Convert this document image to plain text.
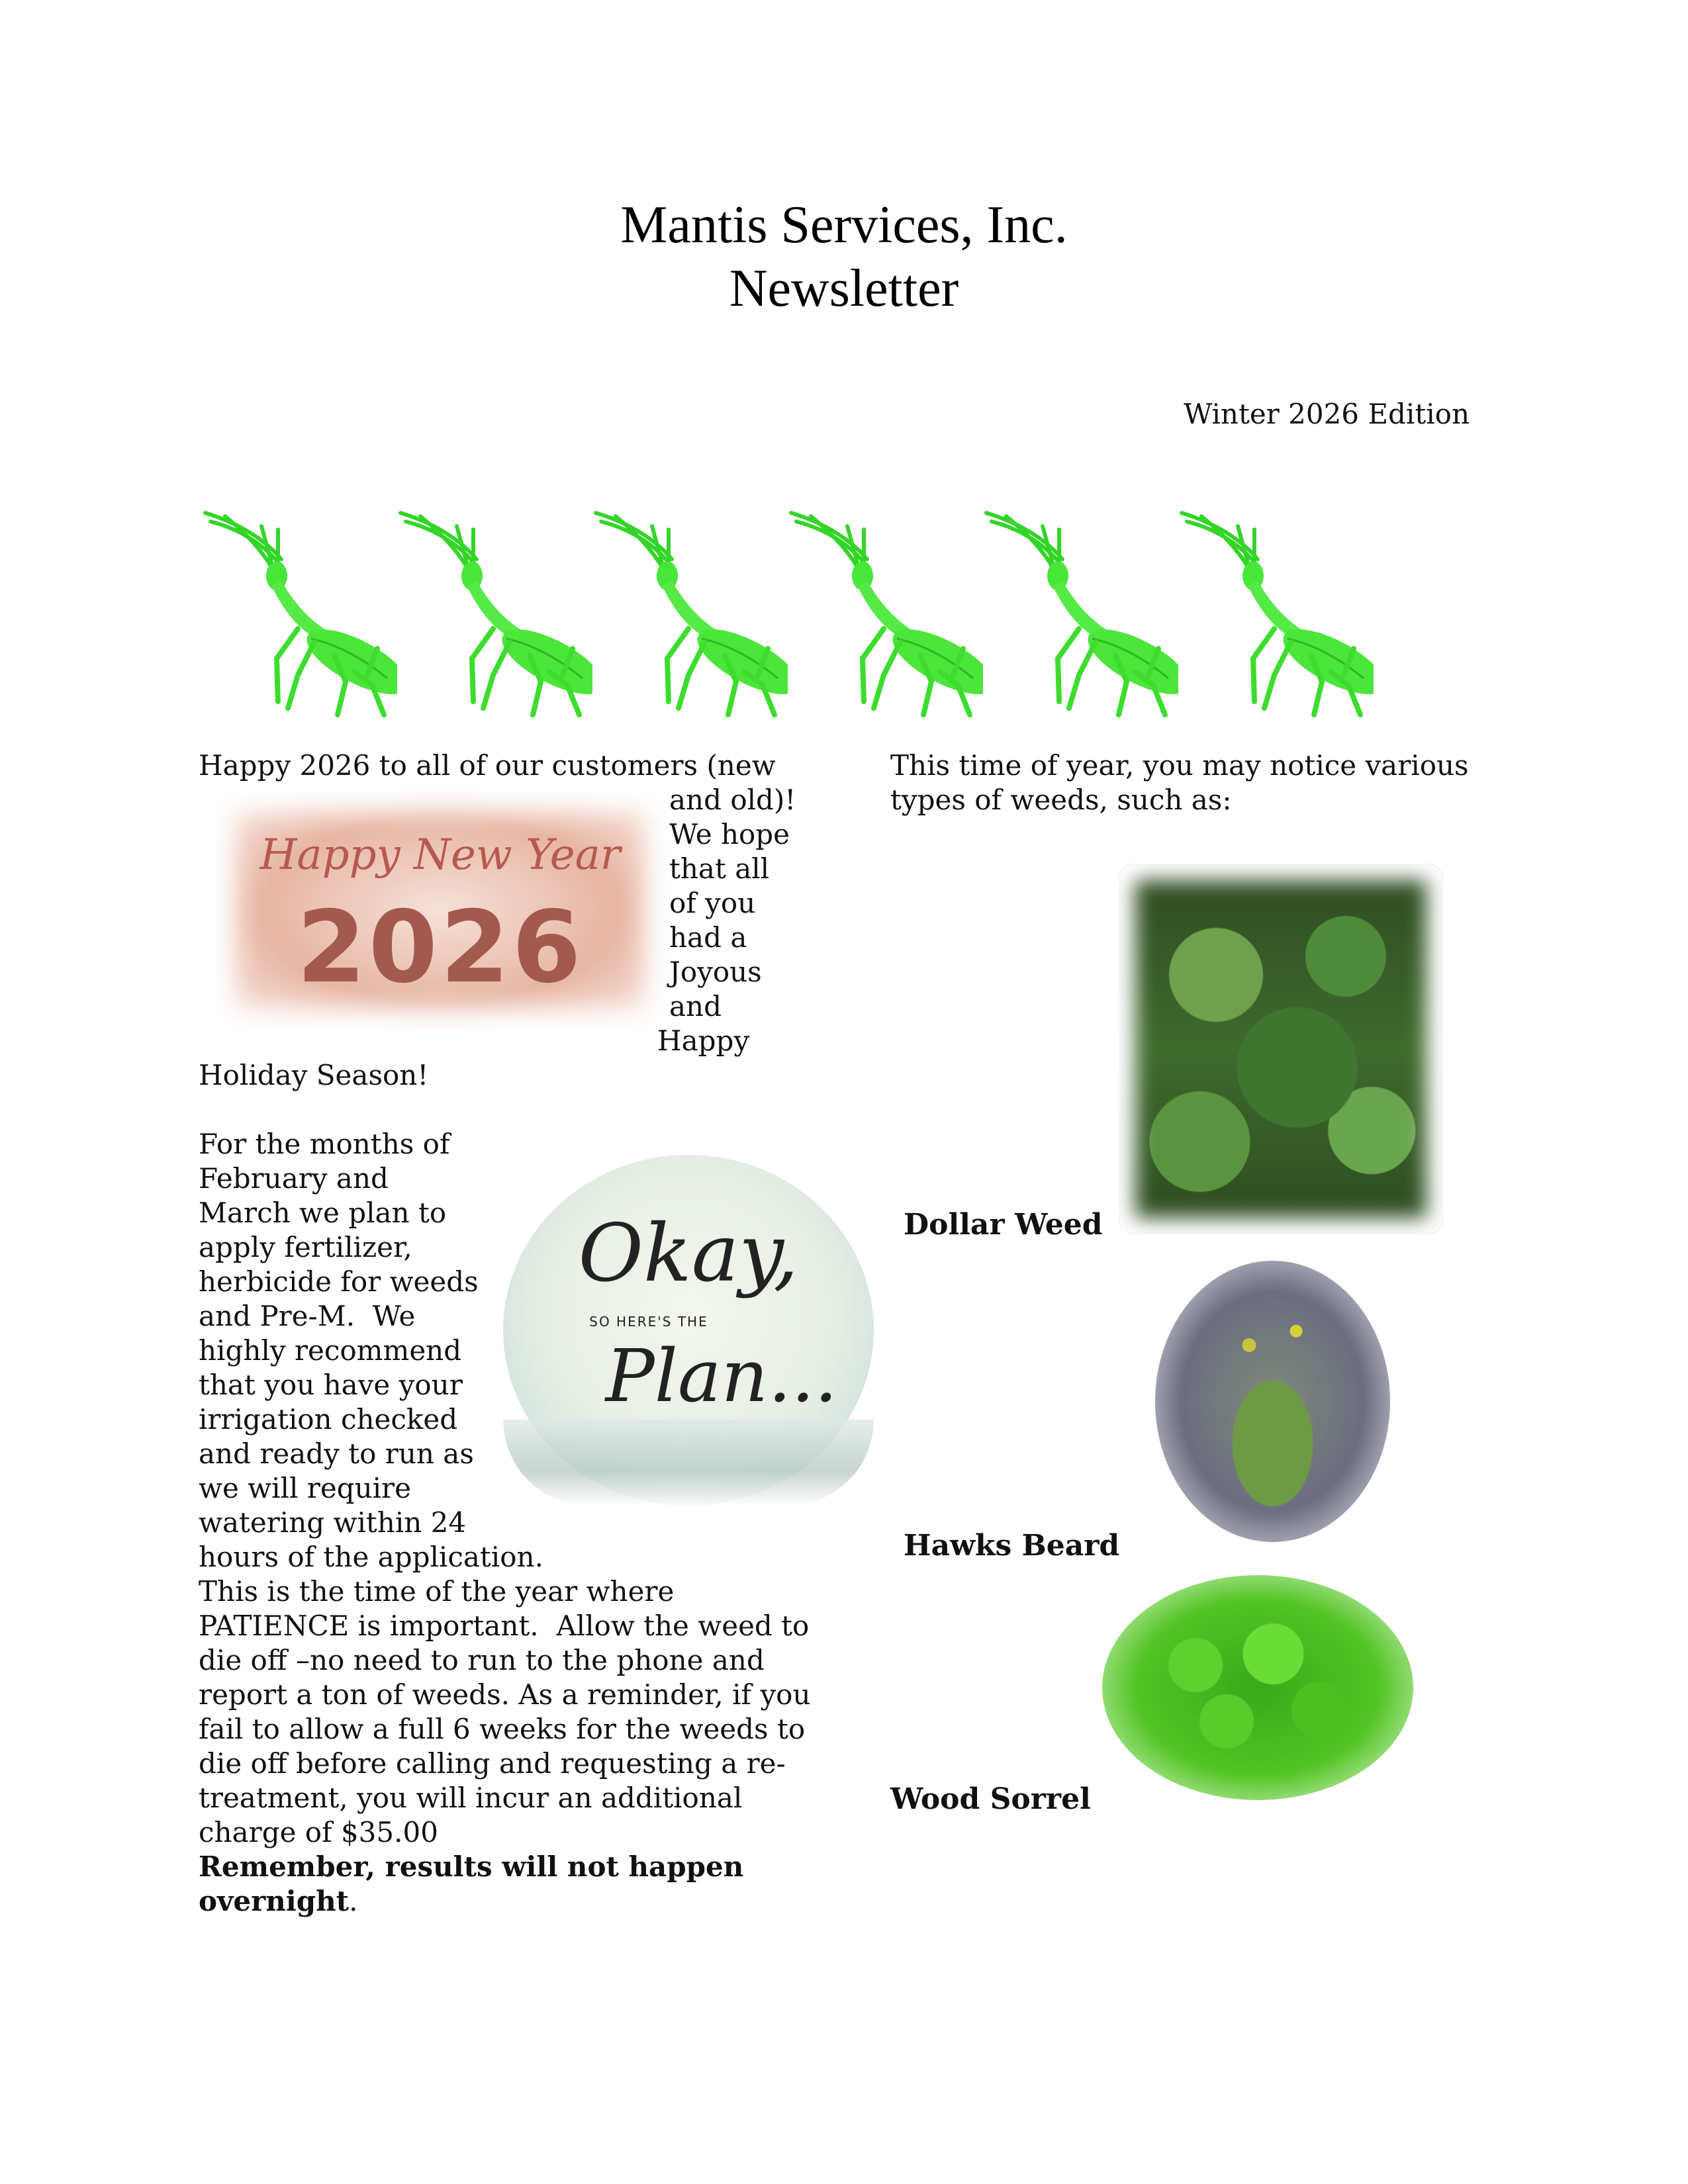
Mantis Services, Inc.
Newsletter
Winter 2026 Edition
Happy 2026 to all of our customers (new
and old)!
We hope
that all
of you
had a
Joyous
and
Happy
Happy New Year
2026
Holiday Season!
For the months of
February and
March we plan to
apply fertilizer,
herbicide for weeds
and Pre-M.  We
highly recommend
that you have your
irrigation checked
and ready to run as
we will require
watering within 24
hours of the application.
Okay,
SO HERE'S THE
Plan...
This is the time of the year where
PATIENCE is important.  Allow the weed to
die off –no need to run to the phone and
report a ton of weeds. As a reminder, if you
fail to allow a full 6 weeks for the weeds to
die off before calling and requesting a re-
treatment, you will incur an additional
charge of $35.00
Remember, results will not happen
overnight.
This time of year, you may notice various
types of weeds, such as:
Dollar Weed
Hawks Beard
Wood Sorrel
